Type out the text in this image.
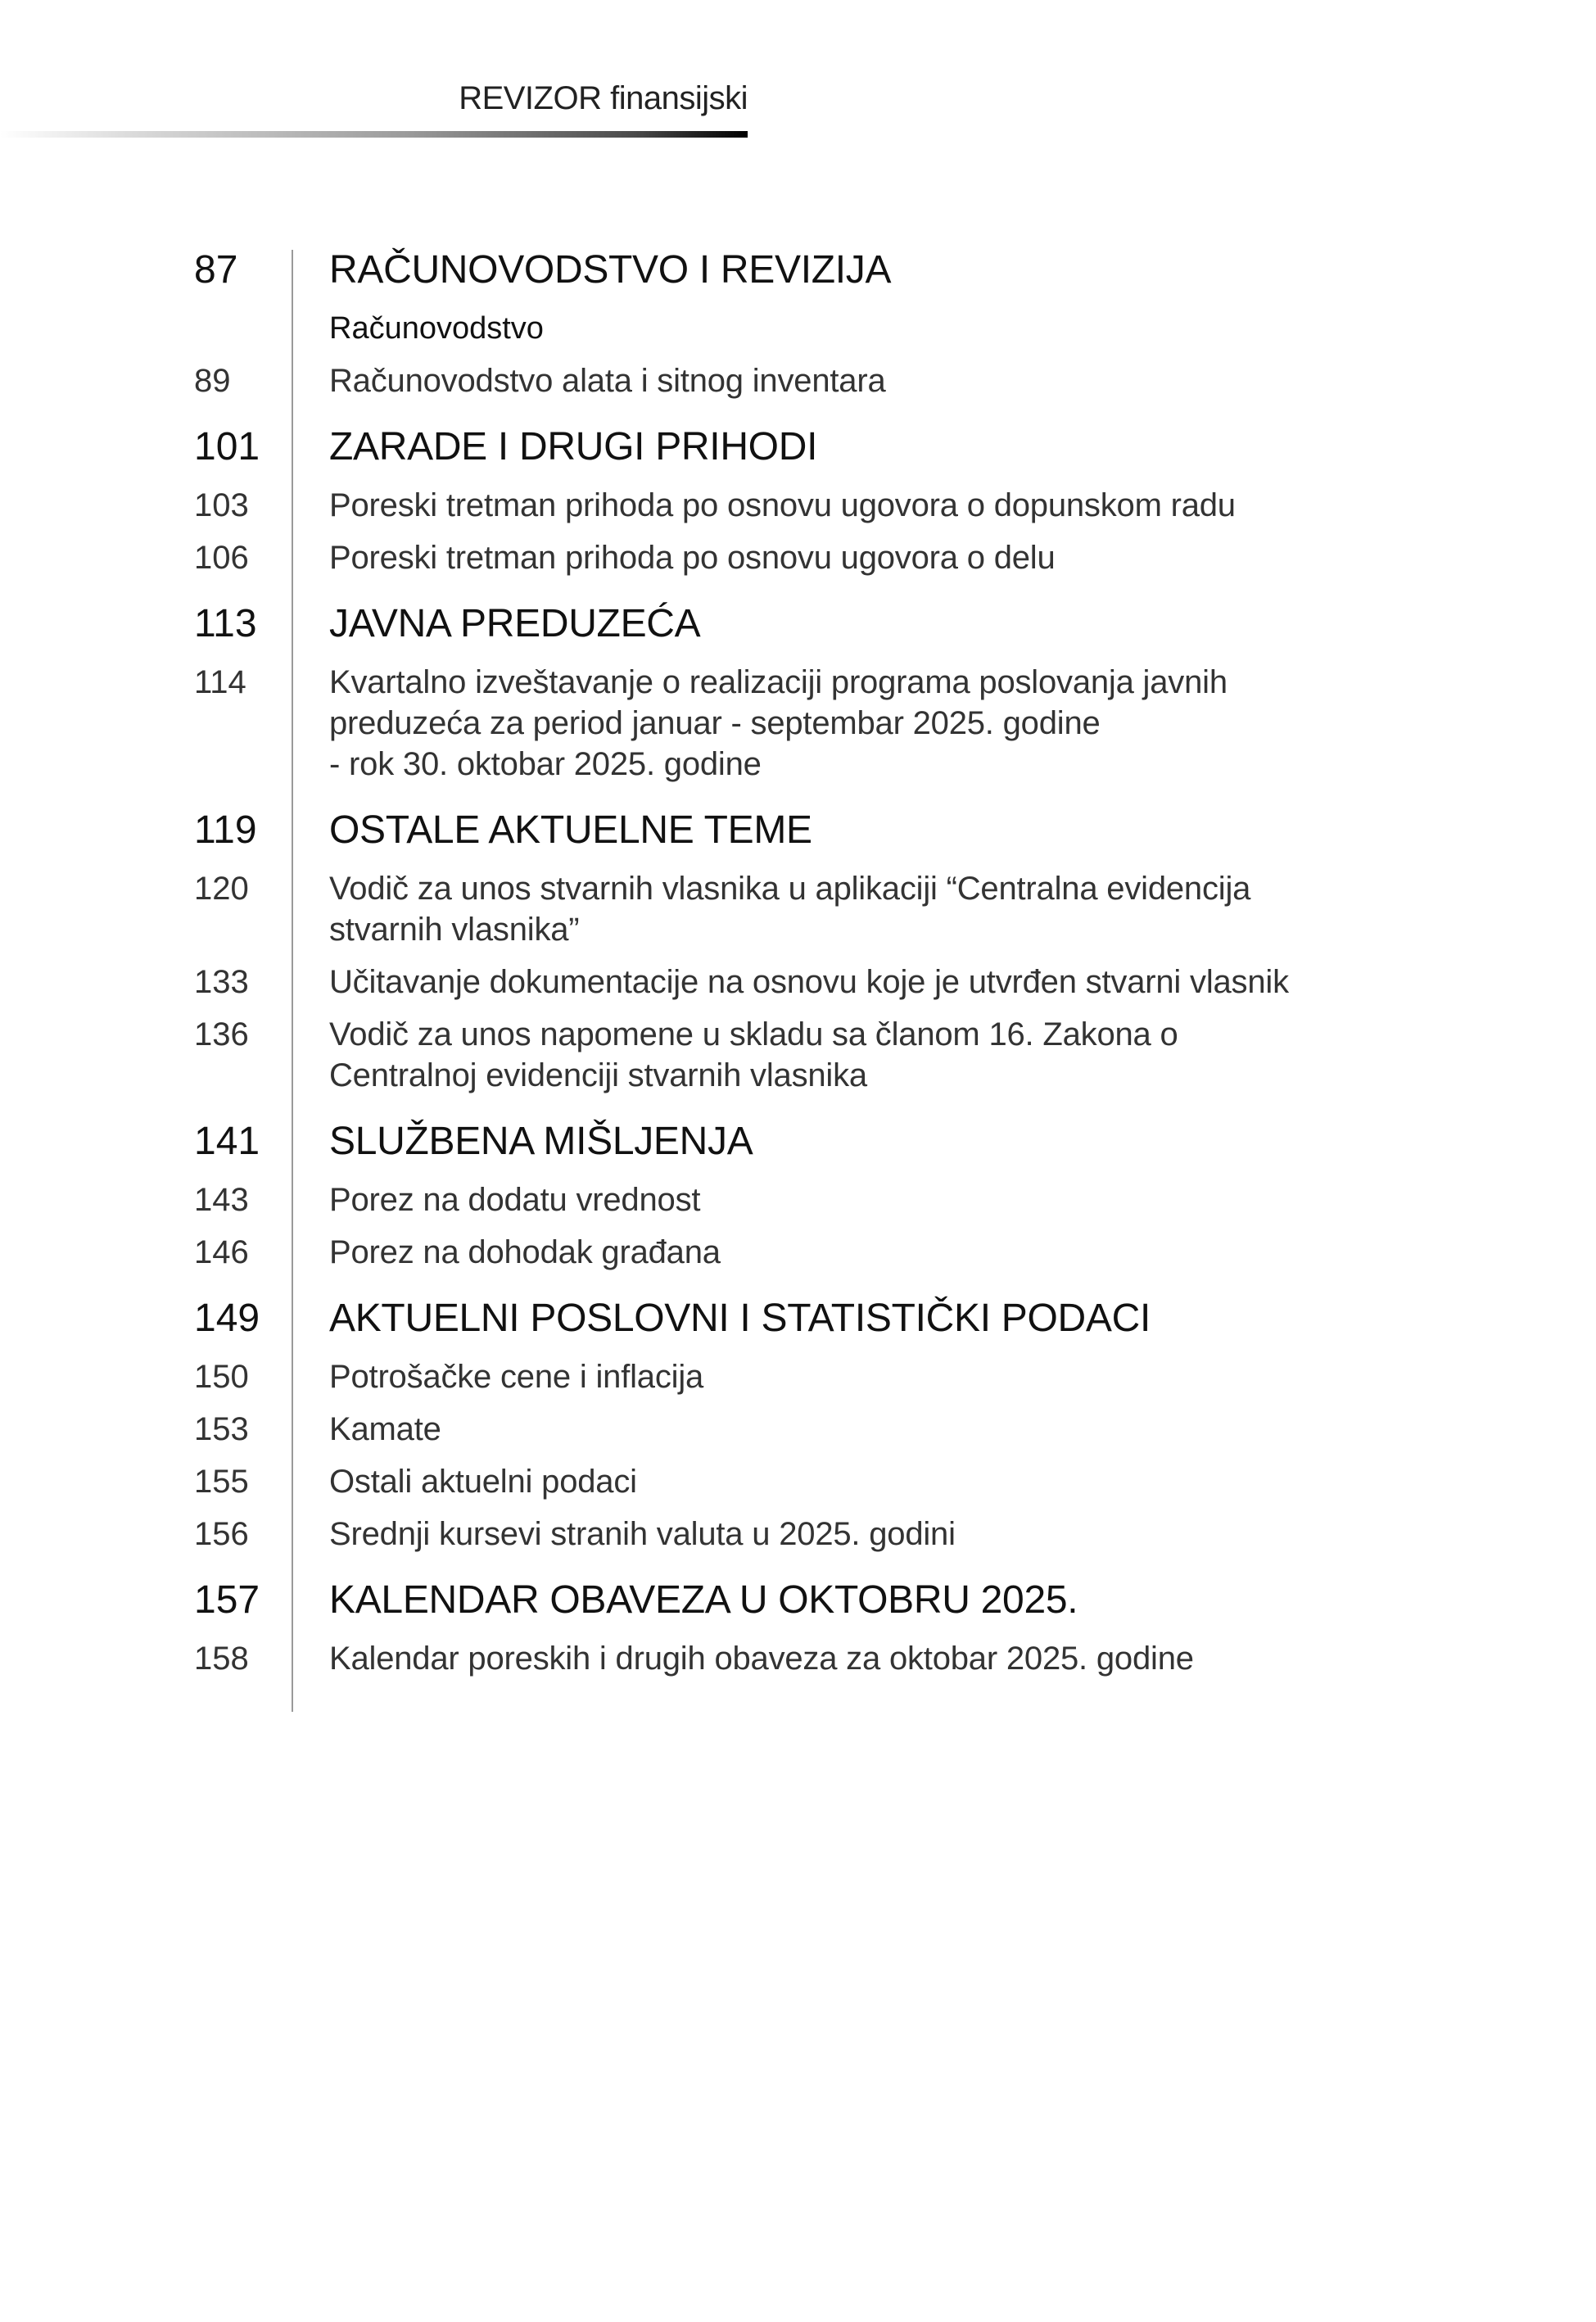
REVIZOR finansijski
87	RAČUNOVODSTVO I REVIZIJA
Računovodstvo
89	Računovodstvo alata i sitnog inventara
101	ZARADE I DRUGI PRIHODI
103	Poreski tretman prihoda po osnovu ugovora o dopunskom radu
106	Poreski tretman prihoda po osnovu ugovora o delu
113	JAVNA PREDUZEĆA
114	Kvartalno izveštavanje o realizaciji programa poslovanja javnih
preduzeća za period januar - septembar 2025. godine
- rok 30. oktobar 2025. godine
119	OSTALE AKTUELNE TEME
120	Vodič za unos stvarnih vlasnika u aplikaciji “Centralna evidencija
stvarnih vlasnika”
133	Učitavanje dokumentacije na osnovu koje je utvrđen stvarni vlasnik
136	Vodič za unos napomene u skladu sa članom 16. Zakona o
Centralnoj evidenciji stvarnih vlasnika
141	SLUŽBENA MIŠLJENJA
143	Porez na dodatu vrednost
146	Porez na dohodak građana
149	AKTUELNI POSLOVNI I STATISTIČKI PODACI
150	Potrošačke cene i inflacija
153	Kamate
155	Ostali aktuelni podaci
156	Srednji kursevi stranih valuta u 2025. godini
157	KALENDAR OBAVEZA U OKTOBRU 2025.
158	Kalendar poreskih i drugih obaveza za oktobar 2025. godine
